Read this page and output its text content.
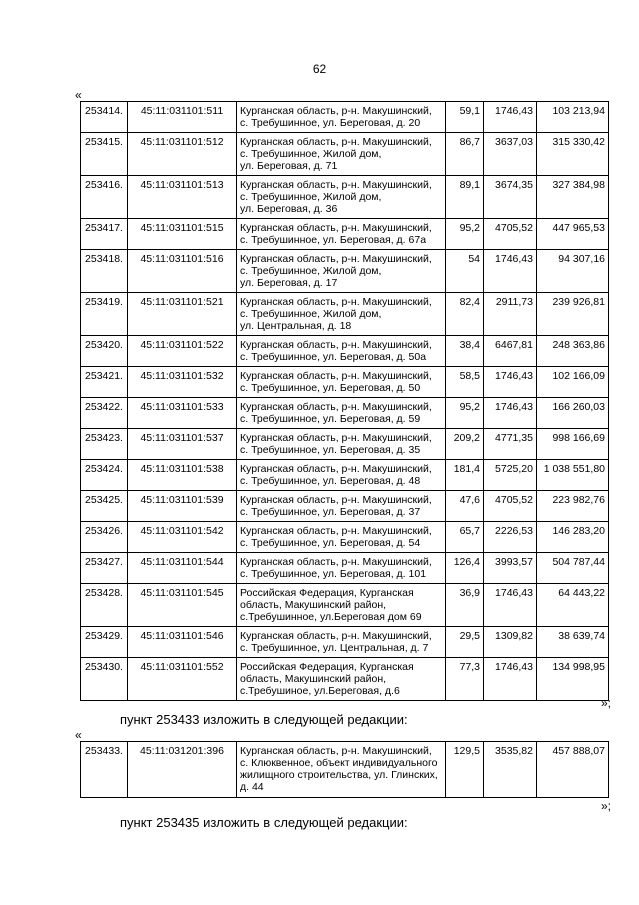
62
«
253414.	45:11:031101:511	Курганская область, р-н. Макушинский,
с. Требушинное, ул. Береговая, д. 20	59,1	1746,43	103 213,94
253415.	45:11:031101:512	Курганская область, р-н. Макушинский,
с. Требушинное, Жилой дом,
ул. Береговая, д. 71	86,7	3637,03	315 330,42
253416.	45:11:031101:513	Курганская область, р-н. Макушинский,
с. Требушинное, Жилой дом,
ул. Береговая, д. 36	89,1	3674,35	327 384,98
253417.	45:11:031101:515	Курганская область, р-н. Макушинский,
с. Требушинное, ул. Береговая, д. 67а	95,2	4705,52	447 965,53
253418.	45:11:031101:516	Курганская область, р-н. Макушинский,
с. Требушинное, Жилой дом,
ул. Береговая, д. 17	54	1746,43	94 307,16
253419.	45:11:031101:521	Курганская область, р-н. Макушинский,
с. Требушинное, Жилой дом,
ул. Центральная, д. 18	82,4	2911,73	239 926,81
253420.	45:11:031101:522	Курганская область, р-н. Макушинский,
с. Требушинное, ул. Береговая, д. 50а	38,4	6467,81	248 363,86
253421.	45:11:031101:532	Курганская область, р-н. Макушинский,
с. Требушинное, ул. Береговая, д. 50	58,5	1746,43	102 166,09
253422.	45:11:031101:533	Курганская область, р-н. Макушинский,
с. Требушинное, ул. Береговая, д. 59	95,2	1746,43	166 260,03
253423.	45:11:031101:537	Курганская область, р-н. Макушинский,
с. Требушинное, ул. Береговая, д. 35	209,2	4771,35	998 166,69
253424.	45:11:031101:538	Курганская область, р-н. Макушинский,
с. Требушинное, ул. Береговая, д. 48	181,4	5725,20	1 038 551,80
253425.	45:11:031101:539	Курганская область, р-н. Макушинский,
с. Требушинное, ул. Береговая, д. 37	47,6	4705,52	223 982,76
253426.	45:11:031101:542	Курганская область, р-н. Макушинский,
с. Требушинное, ул. Береговая, д. 54	65,7	2226,53	146 283,20
253427.	45:11:031101:544	Курганская область, р-н. Макушинский,
с. Требушинное, ул. Береговая, д. 101	126,4	3993,57	504 787,44
253428.	45:11:031101:545	Российская Федерация, Курганская
область, Макушинский район,
с.Требушинное, ул.Береговая дом 69	36,9	1746,43	64 443,22
253429.	45:11:031101:546	Курганская область, р-н. Макушинский,
с. Требушинное, ул. Центральная, д. 7	29,5	1309,82	38 639,74
253430.	45:11:031101:552	Российская Федерация, Курганская
область, Макушинский район,
с.Требушиное, ул.Береговая, д.6	77,3	1746,43	134 998,95
»;
пункт 253433 изложить в следующей редакции:
«
253433.	45:11:031201:396	Курганская область, р-н. Макушинский,
с. Клюквенное, объект индивидуального
жилищного строительства, ул. Глинских,
д. 44
	129,5	3535,82	457 888,07
»;
пункт 253435 изложить в следующей редакции:
